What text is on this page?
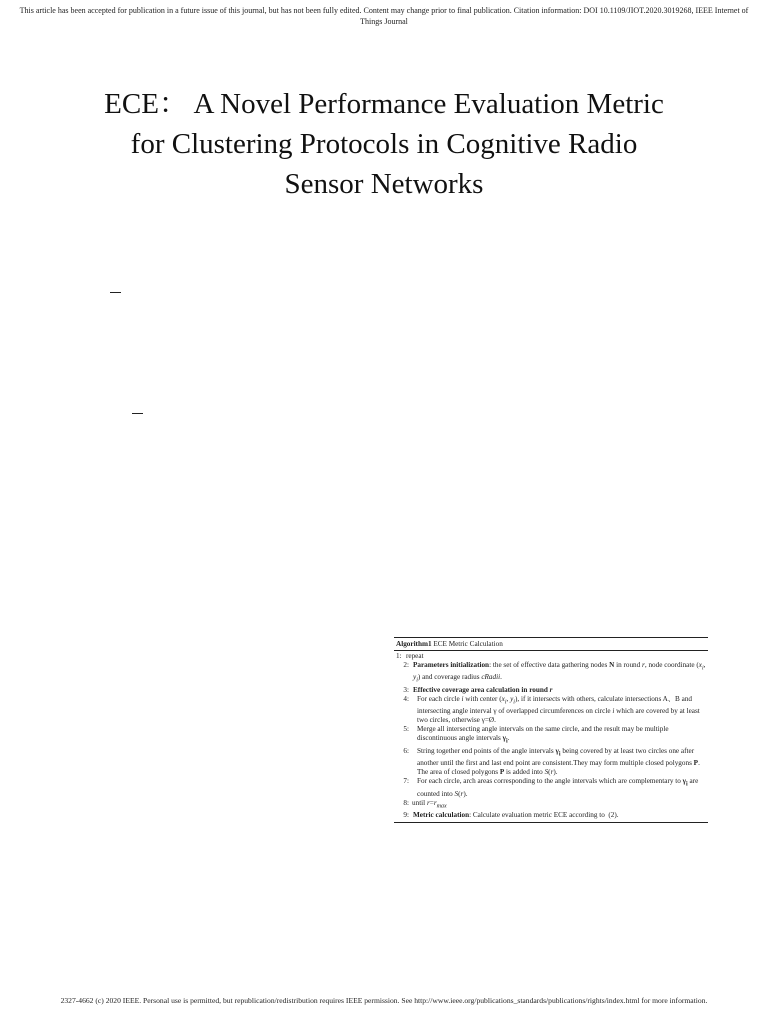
This article has been accepted for publication in a future issue of this journal, but has not been fully edited. Content may change prior to final publication. Citation information: DOI 10.1109/JIOT.2020.3019268, IEEE Internet of Things Journal
ECE： A Novel Performance Evaluation Metric
for Clustering Protocols in Cognitive Radio
Sensor Networks
Algorithm1 ECE Metric Calculation
1: repeat
2: Parameters initialization: the set of effective data gathering nodes N in round r, node coordinate ($x_i$, $y_i$) and coverage radius cRadii.
3: Effective coverage area calculation in round r
4:	For each circle i with center ($x_i$, $y_i$), if it intersects with others, calculate intersections A、B and intersecting angle interval γ of overlapped circumferences on circle i which are covered by at least two circles, otherwise γ=Ø.
5:	Merge all intersecting angle intervals on the same circle, and the result may be multiple discontinuous angle intervals $\gamma_i$.
6:	String together end points of the angle intervals $\gamma_i$ being covered by at least two circles one after another until the first and last end point are consistent.They may form multiple closed polygons P. The area of closed polygons P is added into S(r).
7:	For each circle, arch areas corresponding to the angle intervals which are complementary to $\gamma_i$ are counted into S(r).
8: until $r=r_{max}$
9: Metric calculation: Calculate evaluation metric ECE according to  (2).
2327-4662 (c) 2020 IEEE. Personal use is permitted, but republication/redistribution requires IEEE permission. See http://www.ieee.org/publications_standards/publications/rights/index.html for more information.
